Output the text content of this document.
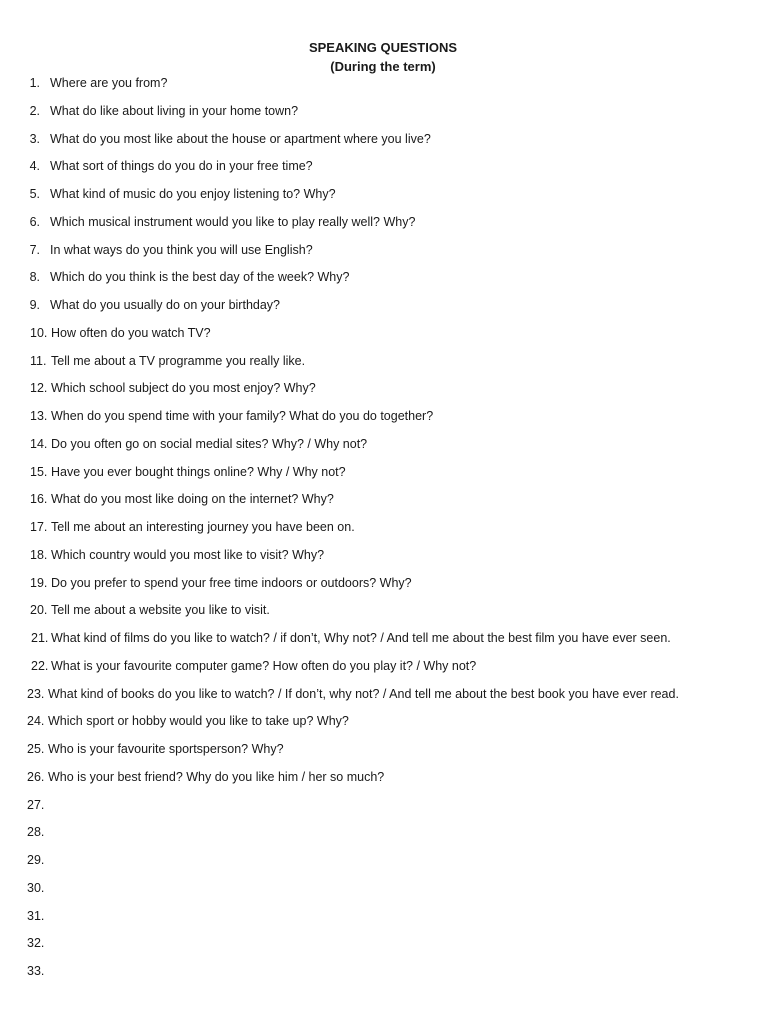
SPEAKING QUESTIONS
(During the term)
1. Where are you from?
2. What do like about living in your home town?
3. What do you most like about the house or apartment where you live?
4. What sort of things do you do in your free time?
5. What kind of music do you enjoy listening to? Why?
6. Which musical instrument would you like to play really well? Why?
7. In what ways do you think you will use English?
8. Which do you think is the best day of the week? Why?
9. What do you usually do on your birthday?
10. How often do you watch TV?
11. Tell me about a TV programme you really like.
12. Which school subject do you most enjoy? Why?
13. When do you spend time with your family? What do you do together?
14. Do you often go on social medial sites? Why? / Why not?
15. Have you ever bought things online? Why / Why not?
16. What do you most like doing on the internet? Why?
17. Tell me about an interesting journey you have been on.
18. Which country would you most like to visit? Why?
19. Do you prefer to spend your free time indoors or outdoors? Why?
20. Tell me about a website you like to visit.
21. What kind of films do you like to watch? / if don’t, Why not? / And tell me about the best film you have ever seen.
22. What is your favourite computer game? How often do you play it? / Why not?
23. What kind of books do you like to watch? / If don’t, why not? / And tell me about the best book you have ever read.
24. Which sport or hobby would you like to take up? Why?
25. Who is your favourite sportsperson? Why?
26. Who is your best friend? Why do you like him / her so much?
27.
28.
29.
30.
31.
32.
33.
